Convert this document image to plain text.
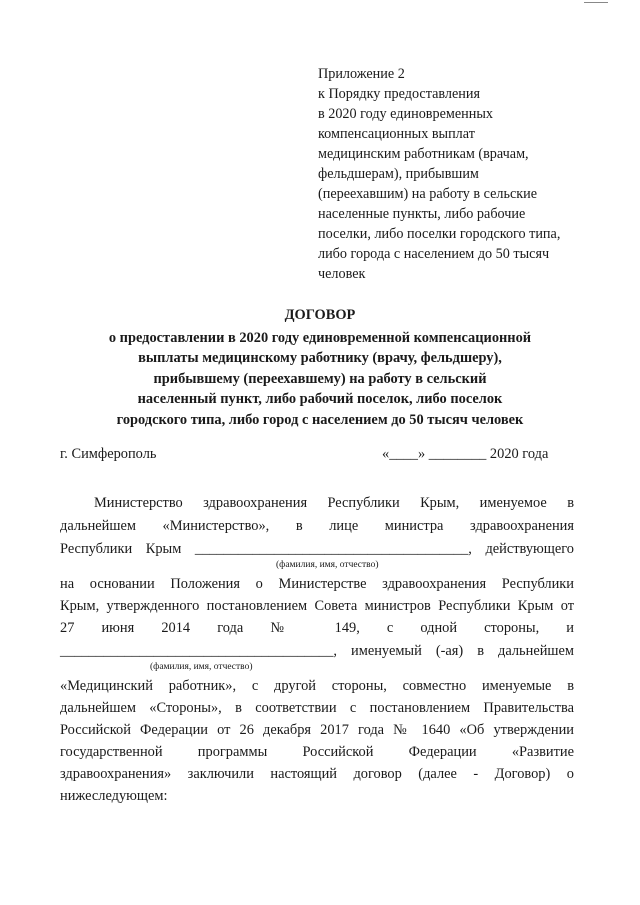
Приложение 2
к Порядку предоставления
в 2020 году единовременных
компенсационных выплат
медицинским работникам (врачам,
фельдшерам), прибывшим
(переехавшим) на работу в сельские
населенные пункты, либо рабочие
поселки, либо поселки городского типа,
либо города с населением до 50 тысяч
человек
ДОГОВОР
о предоставлении в 2020 году единовременной компенсационной
выплаты медицинскому работнику (врачу, фельдшеру),
прибывшему (переехавшему) на работу в сельский
населенный пункт, либо рабочий поселок, либо поселок
городского типа, либо город с населением до 50 тысяч человек
г. Симферополь	«____» ________ 2020 года
Министерство здравоохранения Республики Крым, именуемое в
дальнейшем «Министерство», в лице министра здравоохранения
Республики Крым ______________________________________, действующего
(фамилия, имя, отчество)
на основании Положения о Министерстве здравоохранения Республики
Крым, утвержденного постановлением Совета министров Республики Крым от
27 июня 2014 года № 149, с одной стороны, и
______________________________________, именуемый (-ая) в дальнейшем
(фамилия, имя, отчество)
«Медицинский работник», с другой стороны, совместно именуемые в
дальнейшем «Стороны», в соответствии с постановлением Правительства
Российской Федерации от 26 декабря 2017 года № 1640 «Об утверждении
государственной программы Российской Федерации «Развитие
здравоохранения» заключили настоящий договор (далее - Договор) о
нижеследующем:
